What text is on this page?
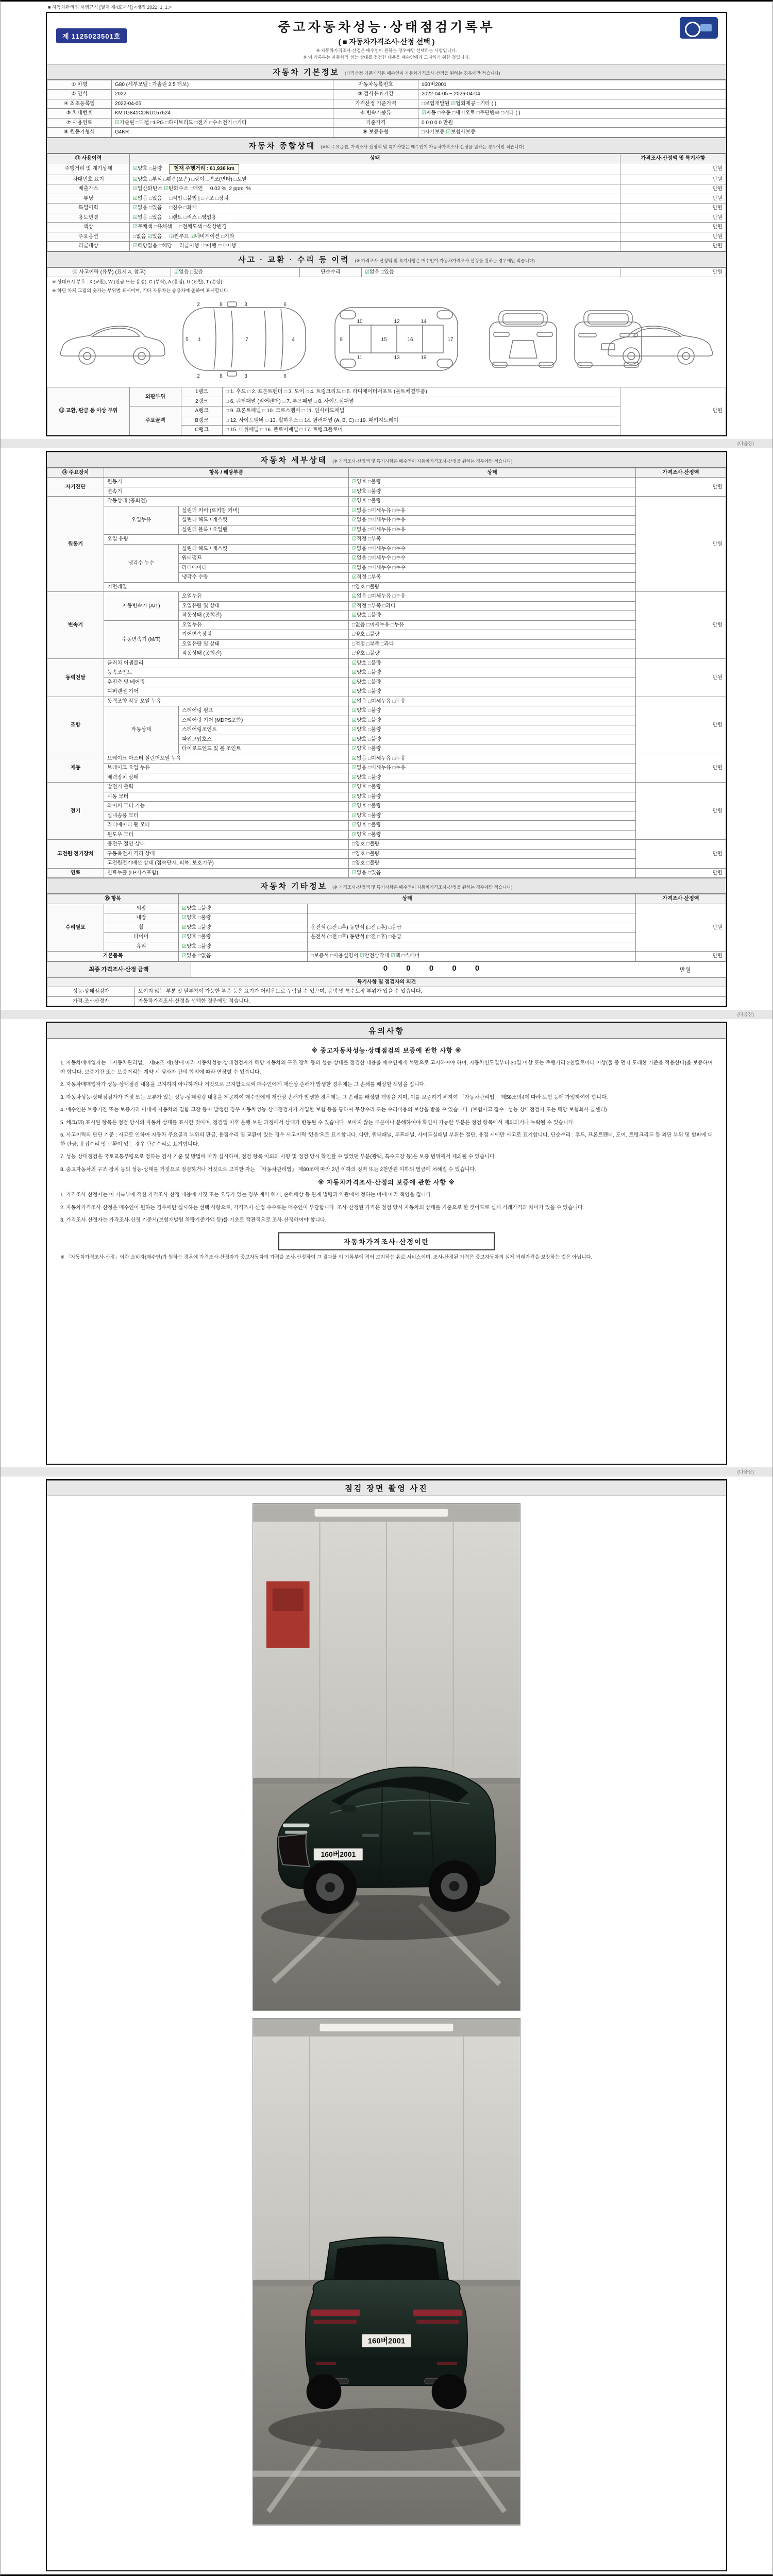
■ 자동차관리법 시행규칙 [별지 제4호서식] <개정 2021. 1. 1.>
제 1125023501호
중고자동차성능·상태점검기록부
( ■ 자동차가격조사·산정 선택 )
※ 자동차가격조사·산정은 매수인이 원하는 경우에만 선택하는 사항입니다.
※ 이 기록부는 자동차의 성능·상태를 점검한 내용을 매수인에게 고지하기 위한 것입니다.
자동차 기본정보 (가격산정 기준가격은 매수인이 자동차가격조사·산정을 원하는 경우에만 적습니다)
① 차명	G80 (세부모델 : 가솔린 2.5 터보)	자동차등록번호	160버2001
② 연식	2022	③ 검사유효기간	2022-04-05 ~ 2026-04-04
④ 최초등록일	2022-04-05	가격산정 기준가격	□보험개발원 ☑협회제공 □기타 ( )
⑤ 차대번호	KMTG841CDNU157624	⑥ 변속기종류	☑자동 □수동 □세미오토 □무단변속 □기타 ( )
⑦ 사용연료	☑가솔린 □디젤 □LPG □하이브리드 □전기 □수소전기 □기타	기준가격	0 0 0 0 0 만원
⑧ 원동기형식	G4KR	⑨ 보증유형	□자가보증 ☑보험사보증
자동차 종합상태 (※의 주요옵션, 가격조사·산정액 및 특기사항은 매수인이 자동차가격조사·산정을 원하는 경우에만 적습니다)
⑪ 사용이력	상태	가격조사·산정액 및 특기사항
주행거리 및 계기상태	☑양호 □불량 현재 주행거리 : 61,936 km	만원
차대번호 표기	☑양호 □부식 □훼손(오손) □상이 □변조(변타) □도말	만원
배출가스	☑일산화탄소 ☑탄화수소 □매연 0.02 %, 2 ppm, %	만원
튜닝	☑없음 □있음 □적법 □불법 | □구조 □장치	만원
특별이력	☑없음 □있음 □침수 □화재	만원
용도변경	☑없음 □있음 □렌트 □리스 □영업용	만원
색상	☑무채색 □유채색 □전체도색 □색상변경	만원
주요옵션	□없음 ☑있음 ☑썬루프 ☑네비게이션 □기타	만원
리콜대상	☑해당없음 □해당 리콜이행 : □이행 □미이행	만원
사고 · 교환 · 수리 등 이력 (※ 가격조사·산정액 및 특기사항은 매수인이 자동차가격조사·산정을 원하는 경우에만 적습니다)
⑫ 사고이력 (유무) (표시 4. 참고)	☑없음 □있음	단순수리	☑없음 □있음	만원
※ 상태표시 부호 : X (교환), W (판금 또는 용접), C (부식), A (흠집), U (요철), T (손상)
※ 하단 차체 그림의 숫자는 부위별 표시이며, 기타 자동차는 승용차에 준하여 표시합니다.
5 1	7	4
2	8	3	6
2	8	3	6
9
10
11
15
12
13
16
14
19
17
⑬ 교환, 판금 등 이상 부위	외판부위	1랭크	□ 1. 후드 □ 2. 프론트펜더 □ 3. 도어 □ 4. 트렁크리드 □ 5. 라디에이터서포트 (볼트체결부품)	만원
		2랭크	□ 6. 쿼터패널 (리어펜더) □ 7. 루프패널 □ 8. 사이드실패널	
	주요골격	A랭크	□ 9. 프론트패널 □ 10. 크로스멤버 □ 11. 인사이드패널	
		B랭크	□ 12. 사이드멤버 □ 13. 휠하우스 □ 14. 필러패널 (A, B, C) □ 19. 패키지트레이	
		C랭크	□ 15. 대쉬패널 □ 16. 플로어패널 □ 17. 트렁크플로어	
(다음장)
자동차 세부상태 (※ 가격조사·산정액 및 특기사항은 매수인이 자동차가격조사·산정을 원하는 경우에만 적습니다)
⑭ 주요장치	항목 / 해당부품		상태	가격조사·산정액
자기진단	원동기		☑양호 □불량	만원
	변속기		☑양호 □불량	
원동기	작동상태 (공회전)		☑양호 □불량	만원
	오일누유	실린더 커버 (로커암 커버)	☑없음 □미세누유 □누유	
		실린더 헤드 / 개스킷	☑없음 □미세누유 □누유	
		실린더 블록 / 오일팬	☑없음 □미세누유 □누유	
	오일 유량		☑적정 □부족	
	냉각수 누수	실린더 헤드 / 개스킷	☑없음 □미세누수 □누수	
		워터펌프	☑없음 □미세누수 □누수	
		라디에이터	☑없음 □미세누수 □누수	
		냉각수 수량	☑적정 □부족	
	커먼레일		□양호 □불량	
변속기	자동변속기 (A/T)	오일누유	☑없음 □미세누유 □누유	만원
		오일유량 및 상태	☑적정 □부족 □과다	
		작동상태 (공회전)	☑양호 □불량	
	수동변속기 (M/T)	오일누유	□없음 □미세누유 □누유	
		기어변속장치	□양호 □불량	
		오일유량 및 상태	□적정 □부족 □과다	
		작동상태 (공회전)	□양호 □불량	
동력전달	클러치 어셈블리		☑양호 □불량	만원
	등속조인트		☑양호 □불량	
	추진축 및 베어링		☑양호 □불량	
	디퍼렌셜 기어		☑양호 □불량	
조향	동력조향 작동 오일 누유		☑없음 □미세누유 □누유	만원
	작동상태	스티어링 펌프	☑양호 □불량	
		스티어링 기어 (MDPS포함)	☑양호 □불량	
		스티어링조인트	☑양호 □불량	
		파워고압호스	☑양호 □불량	
		타이로드엔드 및 볼 조인트	☑양호 □불량	
제동	브레이크 마스터 실린더오일 누유		☑없음 □미세누유 □누유	만원
	브레이크 오일 누유		☑없음 □미세누유 □누유	
	배력장치 상태		☑양호 □불량	
전기	발전기 출력		☑양호 □불량	만원
	시동 모터		☑양호 □불량	
	와이퍼 모터 기능		☑양호 □불량	
	실내송풍 모터		☑양호 □불량	
	라디에이터 팬 모터		☑양호 □불량	
	윈도우 모터		☑양호 □불량	
고전원 전기장치	충전구 절연 상태		□양호 □불량	만원
	구동축전지 격리 상태		□양호 □불량	
	고전원전기배선 상태 (접속단자, 피복, 보호기구)		□양호 □불량	
연료	연료누출 (LP가스포함)		☑없음 □있음	만원
자동차 기타정보 (※ 가격조사·산정액 및 특기사항은 매수인이 자동차가격조사·산정을 원하는 경우에만 적습니다)
⑮ 항목		상태		가격조사·산정액
수리필요	외장	☑양호 □불량		만원
	내장	☑양호 □불량		
	휠	☑양호 □불량	운전석 (□전 □후) 동반석 (□전 □후) □응급	
	타이어	☑양호 □불량	운전석 (□전 □후) 동반석 (□전 □후) □응급	
	유리	☑양호 □불량		
기본품목		☑있음 □없음	□보증서 □사용설명서 ☑안전삼각대 ☑잭 □스패너	만원
최종 가격조사·산정 금액	0 0 0 0 0	만원
특기사항 및 점검자의 의견	
성능·상태점검자	보이지 않는 부분 및 탈부착이 가능한 부품 등은 표기가 어려우므로 누락될 수 있으며, 광택 및 특수도장 부위가 있을 수 있습니다.
가격·조사산정자	자동차가격조사·산정을 선택한 경우에만 적습니다.
(다음장)
유의사항
※ 중고자동차성능·상태점검의 보증에 관한 사항 ※

1. 자동차매매업자는 「자동차관리법」 제58조 제1항에 따라 자동차성능·상태점검자가 해당 자동차의 구조·장치 등의 성능·상태를 점검한 내용을 매수인에게 서면으로 고지하여야 하며, 자동차인도일부터 30일 이상 또는 주행거리 2천킬로미터 이상(둘 중 먼저 도래한 기준을 적용한다)을 보증하여야 합니다. 보증기간 또는 보증거리는 계약 시 당사자 간의 합의에 따라 연장할 수 있습니다.

2. 자동차매매업자가 성능·상태점검 내용을 고지하지 아니하거나 거짓으로 고지함으로써 매수인에게 재산상 손해가 발생한 경우에는 그 손해를 배상할 책임을 집니다.

3. 자동차성능·상태점검자가 거짓 또는 오류가 있는 성능·상태점검 내용을 제공하여 매수인에게 재산상 손해가 발생한 경우에는 그 손해를 배상할 책임을 지며, 이를 보증하기 위하여 「자동차관리법」 제58조의4에 따라 보험 등에 가입하여야 합니다.

4. 매수인은 보증기간 또는 보증거리 이내에 자동차의 결함·고장 등이 발생한 경우 자동차성능·상태점검자가 가입한 보험 등을 통하여 무상수리 또는 수리비용의 보상을 받을 수 있습니다. (보험사고 접수 : 성능·상태점검자 또는 해당 보험회사 콜센터)

5. 체크(☑) 표시된 항목은 점검 당시의 자동차 상태를 표시한 것이며, 점검일 이후 운행·보관 과정에서 상태가 변동될 수 있습니다. 보이지 않는 부분이나 분해하여야 확인이 가능한 부분은 점검 항목에서 제외되거나 누락될 수 있습니다.

6. 사고이력의 판단 기준 : 사고로 인하여 자동차 주요골격 부위의 판금, 용접수리 및 교환이 있는 경우 사고이력 '있음'으로 표기합니다. 다만, 쿼터패널, 루프패널, 사이드실패널 부위는 절단, 용접 시에만 사고로 표기합니다. 단순수리 : 후드, 프론트펜더, 도어, 트렁크리드 등 외판 부위 및 범퍼에 대한 판금, 용접수리 및 교환이 있는 경우 단순수리로 표기합니다.

7. 성능·상태점검은 국토교통부령으로 정하는 검사 기준 및 방법에 따라 실시하며, 점검 항목 이외의 사항 및 점검 당시 확인할 수 없었던 부분(광택, 특수도장 등)은 보증 범위에서 제외될 수 있습니다.

8. 중고자동차의 구조·장치 등의 성능·상태를 거짓으로 점검하거나 거짓으로 고지한 자는 「자동차관리법」 제80조에 따라 2년 이하의 징역 또는 2천만원 이하의 벌금에 처해질 수 있습니다.

※ 자동차가격조사·산정의 보증에 관한 사항 ※

1. 가격조사·산정자는 이 기록부에 적힌 가격조사·산정 내용에 거짓 또는 오류가 있는 경우 계약 해제, 손해배상 등 관계 법령과 약관에서 정하는 바에 따라 책임을 집니다.

2. 자동차가격조사·산정은 매수인이 원하는 경우에만 실시하는 선택 사항으로, 가격조사·산정 수수료는 매수인이 부담합니다. 조사·산정된 가격은 점검 당시 자동차의 상태를 기준으로 한 것이므로 실제 거래가격과 차이가 있을 수 있습니다.

3. 가격조사·산정자는 가격조사·산정 기준서(보험개발원 차량기준가액 등)를 기초로 객관적으로 조사·산정하여야 합니다.

자동차가격조사·산정이란
※ 「자동차가격조사·산정」이란 소비자(매수인)가 원하는 경우에 가격조사·산정자가 중고자동차의 가격을 조사·산정하여 그 결과를 이 기록부에 적어 고지하는 유료 서비스이며, 조사·산정된 가격은 중고자동차의 실제 거래가격을 보장하는 것은 아닙니다.
(다음장)
점검 장면 촬영 사진
160버2001
160버2001
